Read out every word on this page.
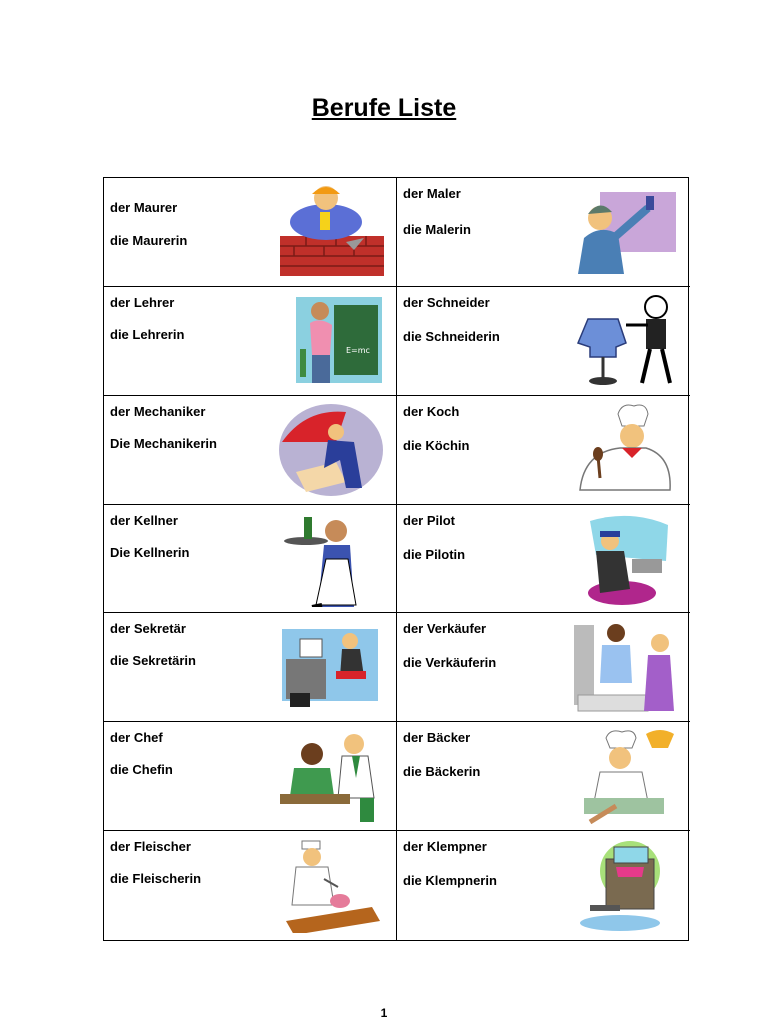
Berufe Liste
der Maurer
die Maurerin
der Maler
die Malerin
der Lehrer
die Lehrerin
E=mc
der Schneider
die Schneiderin
der Mechaniker
Die Mechanikerin
der Koch
die Köchin
der Kellner
Die Kellnerin
der Pilot
die Pilotin
der Sekretär
die Sekretärin
der Verkäufer
die Verkäuferin
der Chef
die Chefin
der Bäcker
die Bäckerin
der Fleischer
die Fleischerin
der Klempner
die Klempnerin
1
